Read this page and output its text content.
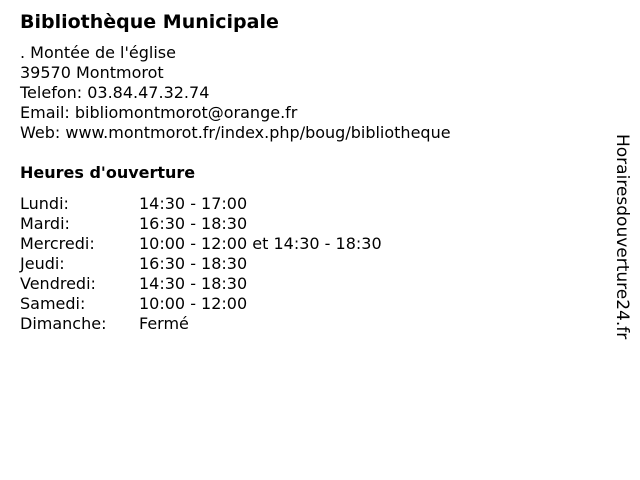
Bibliothèque Municipale
. Montée de l'église
39570 Montmorot
Telefon: 03.84.47.32.74
Email: bibliomontmorot@orange.fr
Web: www.montmorot.fr/index.php/boug/bibliotheque
Heures d'ouverture
Lundi:	14:30 - 17:00
Mardi:	16:30 - 18:30
Mercredi:	10:00 - 12:00 et 14:30 - 18:30
Jeudi:	16:30 - 18:30
Vendredi:	14:30 - 18:30
Samedi:	10:00 - 12:00
Dimanche:	Fermé	Horairesdouverture24.fr
